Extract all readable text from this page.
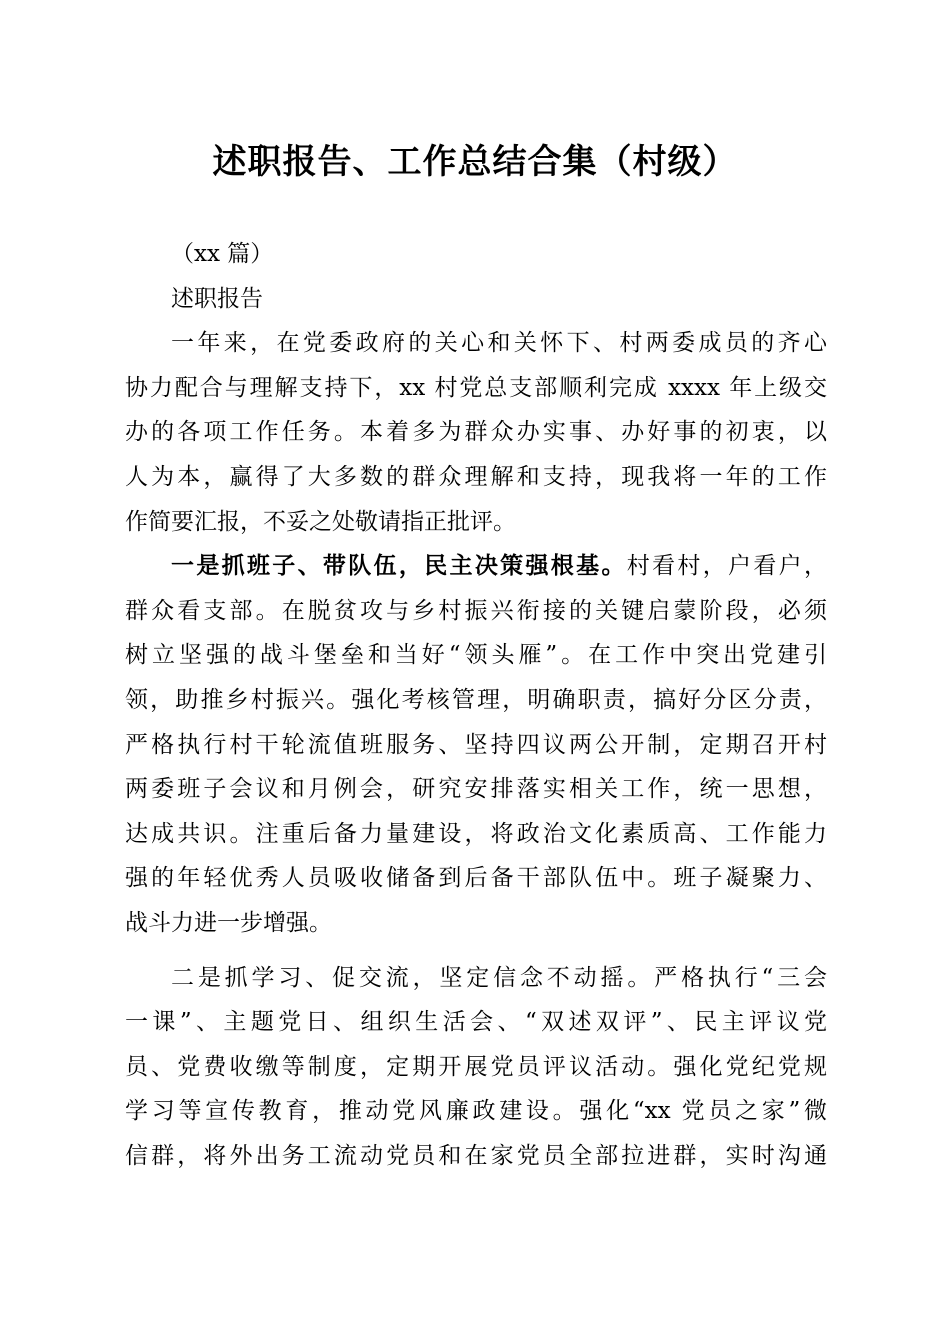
述职报告、工作总结合集（村级）
（xx 篇）
述职报告
一年来，在党委政府的关心和关怀下、村两委成员的齐心
协力配合与理解支持下，xx 村党总支部顺利完成 xxxx 年上级交
办的各项工作任务。本着多为群众办实事、办好事的初衷，以
人为本，赢得了大多数的群众理解和支持，现我将一年的工作
作简要汇报，不妥之处敬请指正批评。
一是抓班子、带队伍，民主决策强根基。村看村，户看户，
群众看支部。在脱贫攻与乡村振兴衔接的关键启蒙阶段，必须
树立坚强的战斗堡垒和当好“领头雁”。在工作中突出党建引
领，助推乡村振兴。强化考核管理，明确职责，搞好分区分责，
严格执行村干轮流值班服务、坚持四议两公开制，定期召开村
两委班子会议和月例会，研究安排落实相关工作，统一思想，
达成共识。注重后备力量建设，将政治文化素质高、工作能力
强的年轻优秀人员吸收储备到后备干部队伍中。班子凝聚力、
战斗力进一步增强。
二是抓学习、促交流，坚定信念不动摇。严格执行“三会
一课”、主题党日、组织生活会、“双述双评”、民主评议党
员、党费收缴等制度，定期开展党员评议活动。强化党纪党规
学习等宣传教育，推动党风廉政建设。强化“xx 党员之家”微
信群，将外出务工流动党员和在家党员全部拉进群，实时沟通
